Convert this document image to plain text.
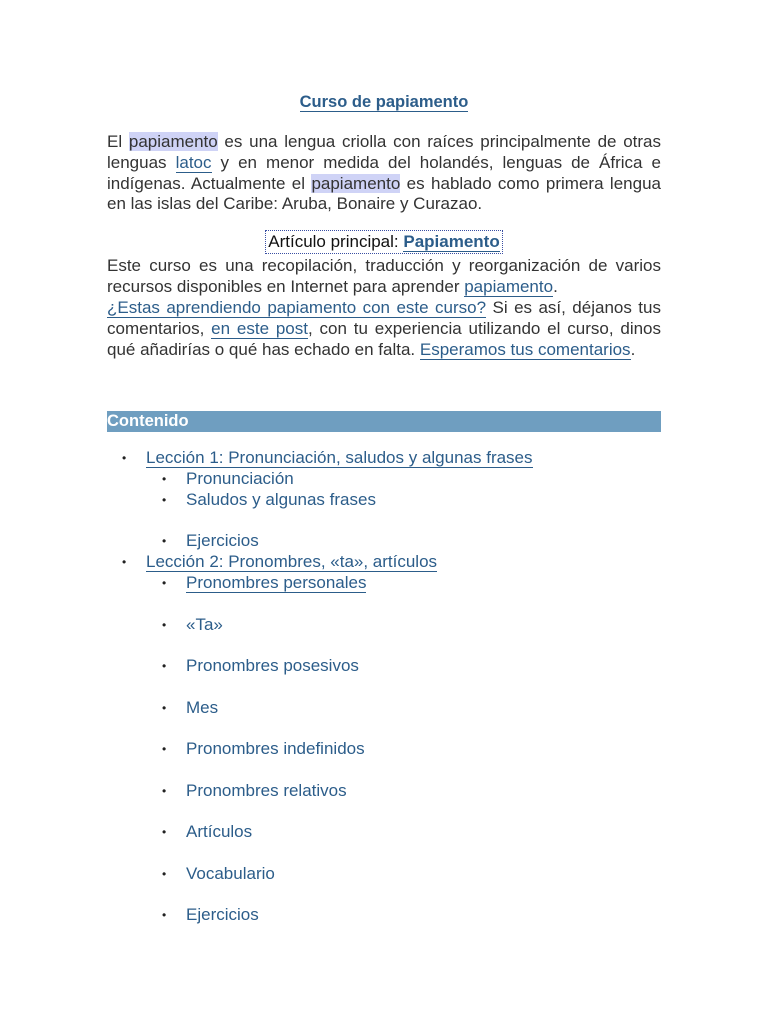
Curso de papiamento
El papiamento es una lengua criolla con raíces principalmente de otras lenguas latoc y en menor medida del holandés, lenguas de África e indígenas. Actualmente el papiamento es hablado como primera lengua en las islas del Caribe: Aruba, Bonaire y Curazao.
Artículo principal: Papiamento
Este curso es una recopilación, traducción y reorganización de varios recursos disponibles en Internet para aprender papiamento.
¿Estas aprendiendo papiamento con este curso? Si es así, déjanos tus comentarios, en este post, con tu experiencia utilizando el curso, dinos qué añadirías o qué has echado en falta. Esperamos tus comentarios.
Contenido
• Lección 1: Pronunciación, saludos y algunas frases
• Pronunciación
• Saludos y algunas frases
• Ejercicios
• Lección 2: Pronombres, «ta», artículos
• Pronombres personales
• «Ta»
• Pronombres posesivos
• Mes
• Pronombres indefinidos
• Pronombres relativos
• Artículos
• Vocabulario
• Ejercicios
